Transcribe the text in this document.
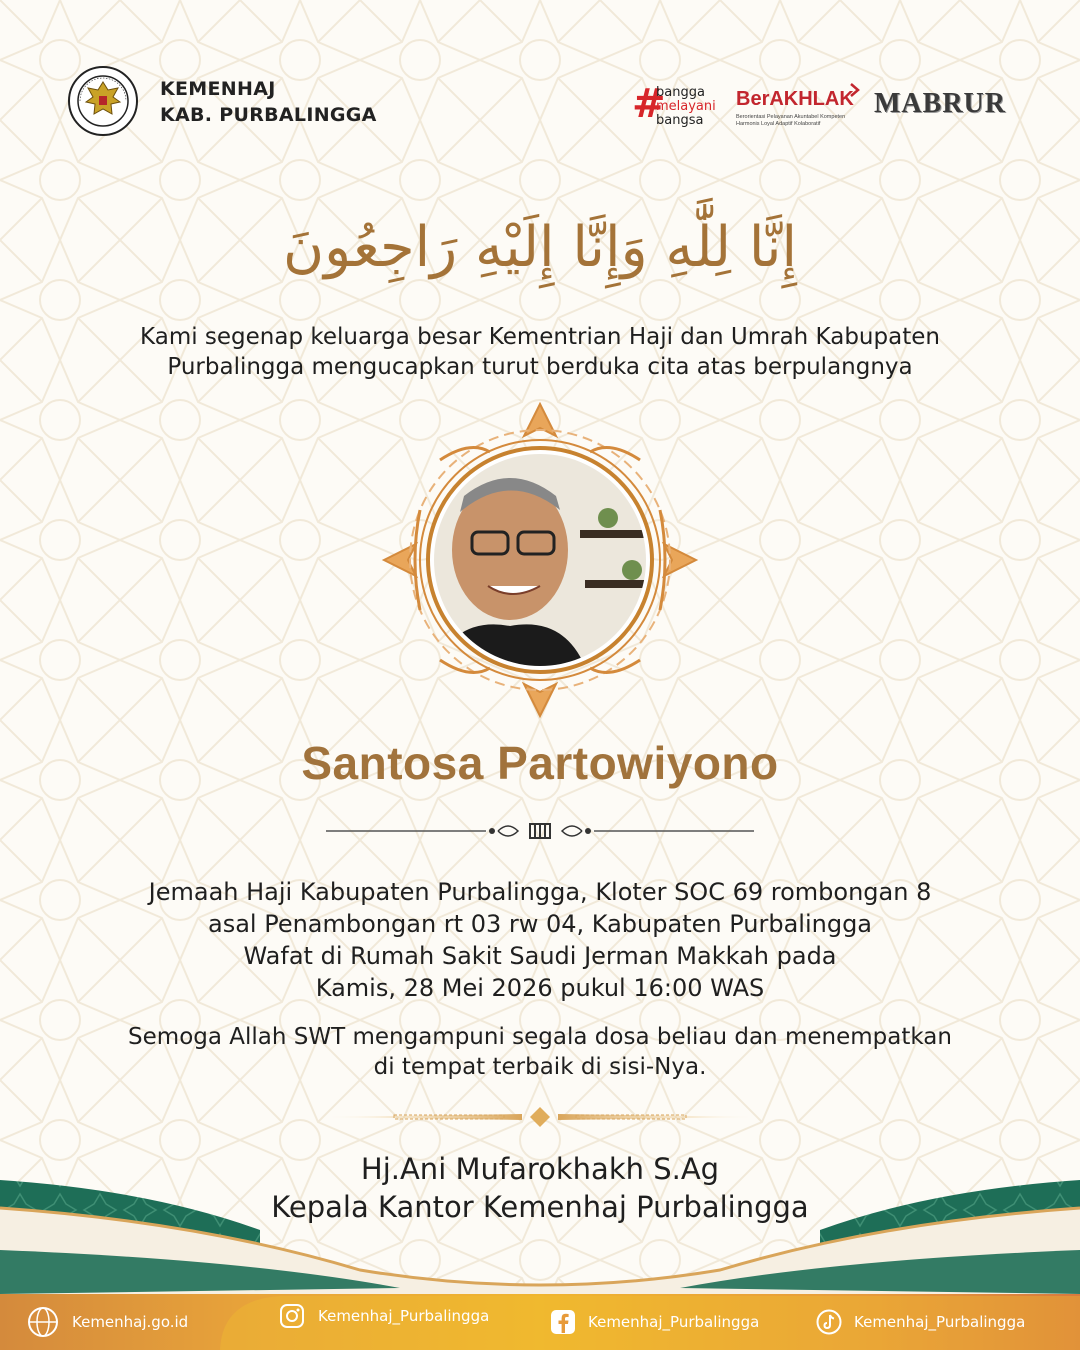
KEMENHAJ
KAB. PURBALINGGA	#
bangga
melayani
bangsa
BerAKHLAK
Berorientasi Pelayanan Akuntabel Kompeten Harmonis Loyal Adaptif Kolaboratif
MABRUR
إِنَّا لِلَّٰهِ وَإِنَّا إِلَيْهِ رَاجِعُونَ
Kami segenap keluarga besar Kementrian Haji dan Umrah Kabupaten
Purbalingga mengucapkan turut berduka cita atas berpulangnya
Santosa Partowiyono
Jemaah Haji Kabupaten Purbalingga, Kloter SOC 69 rombongan 8
asal Penambongan rt 03 rw 04, Kabupaten Purbalingga
Wafat di Rumah Sakit Saudi Jerman Makkah pada
Kamis, 28 Mei 2026 pukul 16:00 WAS
Semoga Allah SWT mengampuni segala dosa beliau dan menempatkan
di tempat terbaik di sisi-Nya.
Kemenhaj.go.id	Kemenhaj_Purbalingga	Kemenhaj_Purbalingga	Kemenhaj_Purbalingga
Hj.Ani Mufarokhakh S.Ag
Kepala Kantor Kemenhaj Purbalingga
